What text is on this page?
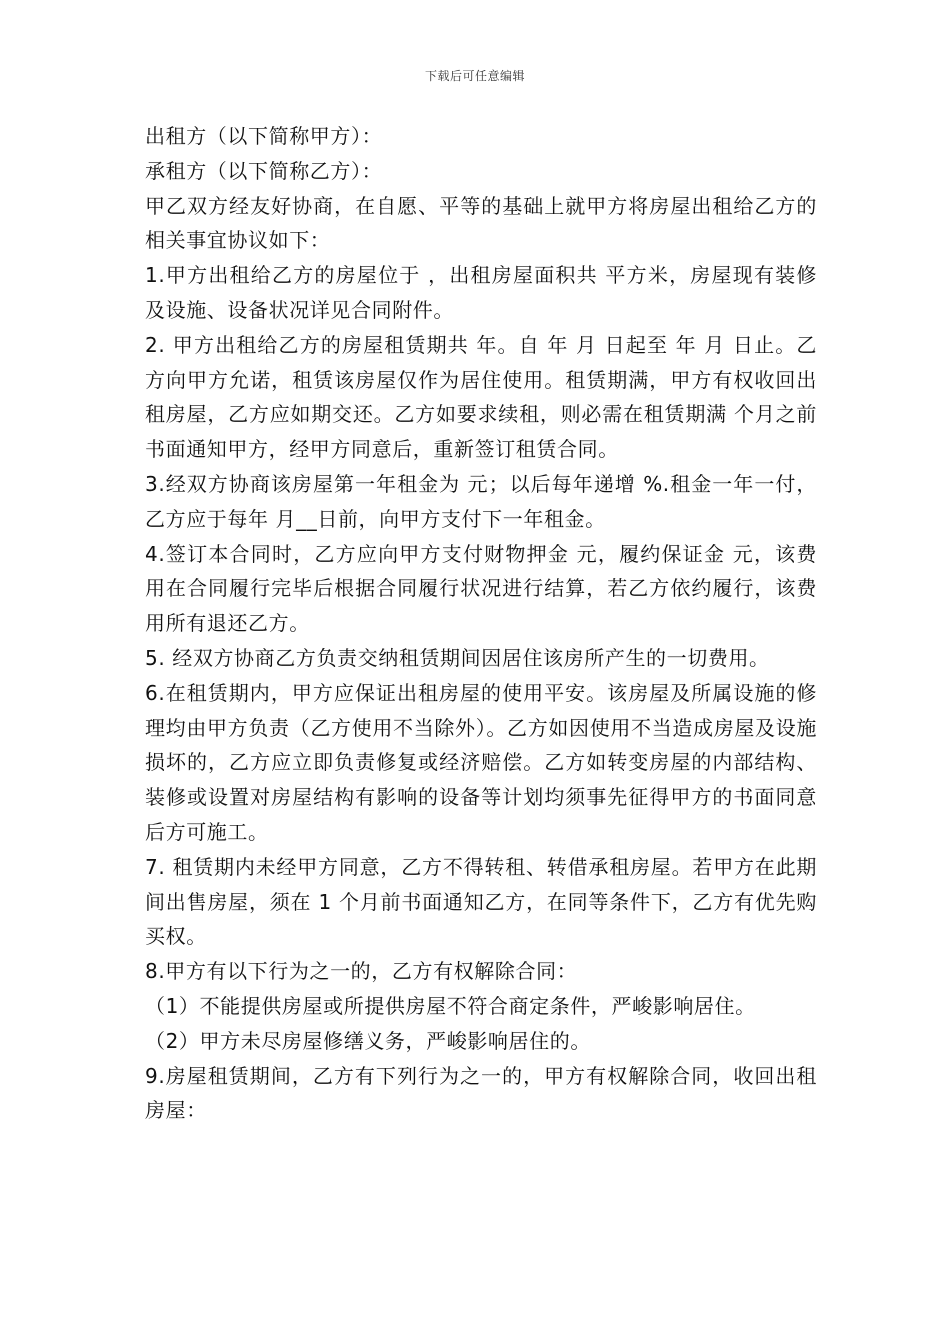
下载后可任意编辑

出租方（以下简称甲方）：

承租方（以下简称乙方）：

甲乙双方经友好协商，在自愿、平等的基础上就甲方将房屋出租给乙方的相关事宜协议如下：

1.甲方出租给乙方的房屋位于 ，出租房屋面积共 平方米，房屋现有装修及设施、设备状况详见合同附件。

2. 甲方出租给乙方的房屋租赁期共 年。自 年 月 日起至 年 月 日止。乙方向甲方允诺，租赁该房屋仅作为居住使用。租赁期满，甲方有权收回出租房屋，乙方应如期交还。乙方如要求续租，则必需在租赁期满 个月之前书面通知甲方，经甲方同意后，重新签订租赁合同。

3.经双方协商该房屋第一年租金为 元；以后每年递增 %.租金一年一付，乙方应于每年 月__日前，向甲方支付下一年租金。

4.签订本合同时，乙方应向甲方支付财物押金 元，履约保证金 元，该费用在合同履行完毕后根据合同履行状况进行结算，若乙方依约履行，该费用所有退还乙方。

5. 经双方协商乙方负责交纳租赁期间因居住该房所产生的一切费用。

6.在租赁期内，甲方应保证出租房屋的使用平安。该房屋及所属设施的修理均由甲方负责（乙方使用不当除外）。乙方如因使用不当造成房屋及设施损坏的，乙方应立即负责修复或经济赔偿。乙方如转变房屋的内部结构、装修或设置对房屋结构有影响的设备等计划均须事先征得甲方的书面同意后方可施工。

7. 租赁期内未经甲方同意，乙方不得转租、转借承租房屋。若甲方在此期间出售房屋，须在 1 个月前书面通知乙方，在同等条件下，乙方有优先购买权。

8.甲方有以下行为之一的，乙方有权解除合同：

（1）不能提供房屋或所提供房屋不符合商定条件，严峻影响居住。

（2）甲方未尽房屋修缮义务，严峻影响居住的。

9.房屋租赁期间，乙方有下列行为之一的，甲方有权解除合同，收回出租房屋：
